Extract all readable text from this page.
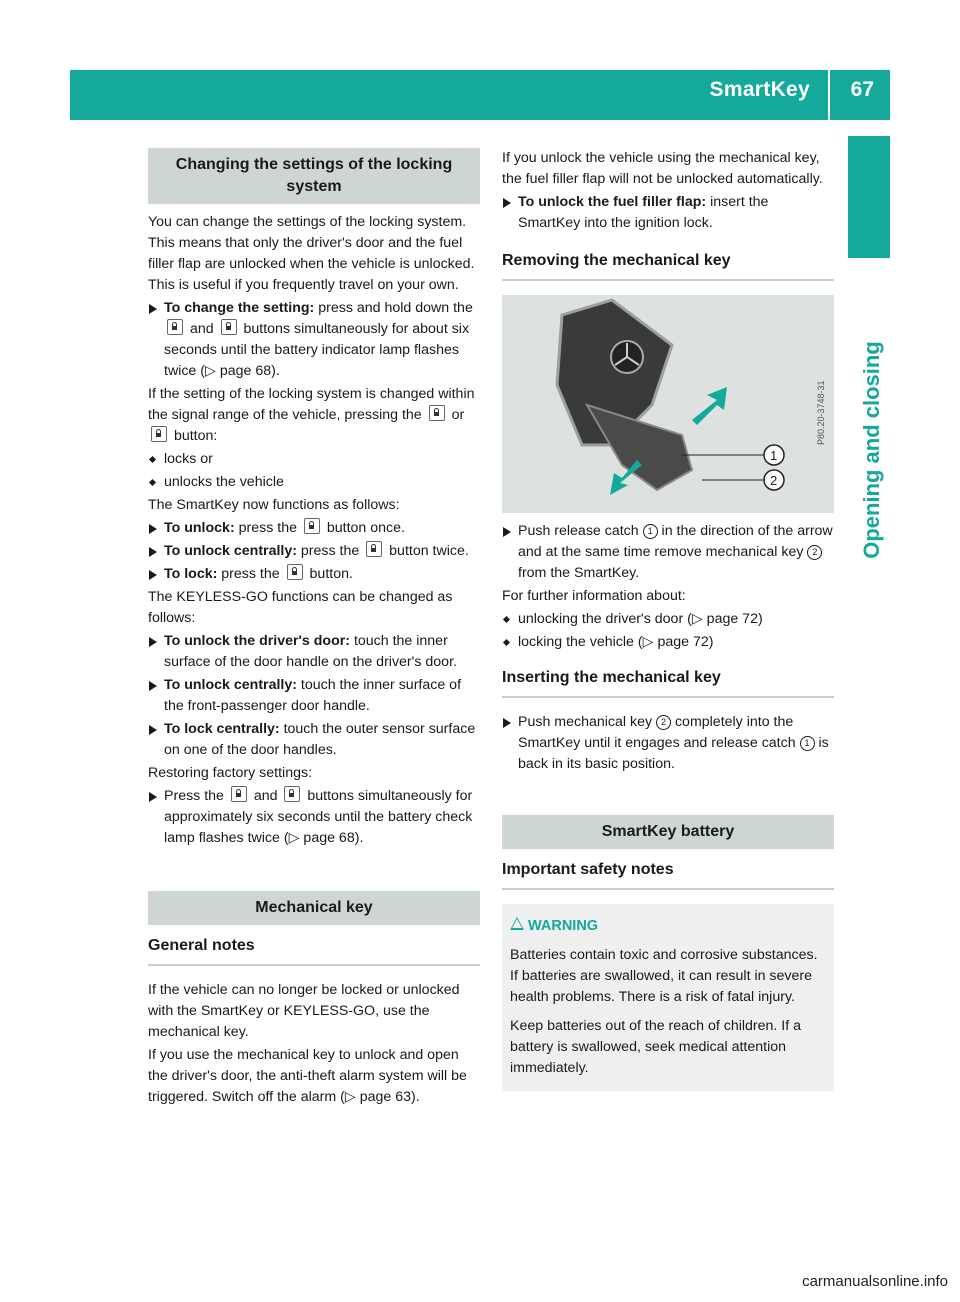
SmartKey 67
Opening and closing
Changing the settings of the locking system

You can change the settings of the locking system. This means that only the driver's door and the fuel filler flap are unlocked when the vehicle is unlocked. This is useful if you frequently travel on your own.

To change the setting: press and hold down the  and  buttons simultaneously for about six seconds until the battery indicator lamp flashes twice (▷ page 68).

If the setting of the locking system is changed within the signal range of the vehicle, pressing the  or  button:

locks or
unlocks the vehicle

The SmartKey now functions as follows:

To unlock: press the  button once.
To unlock centrally: press the  button twice.
To lock: press the  button.

The KEYLESS-GO functions can be changed as follows:

To unlock the driver's door: touch the inner surface of the door handle on the driver's door.
To unlock centrally: touch the inner surface of the front-passenger door handle.
To lock centrally: touch the outer sensor surface on one of the door handles.

Restoring factory settings:

Press the  and  buttons simultaneously for approximately six seconds until the battery check lamp flashes twice (▷ page 68).
Mechanical key
General notes

If the vehicle can no longer be locked or unlocked with the SmartKey or KEYLESS-GO, use the mechanical key.

If you use the mechanical key to unlock and open the driver's door, the anti-theft alarm system will be triggered. Switch off the alarm (▷ page 63).

If you unlock the vehicle using the mechanical key, the fuel filler flap will not be unlocked automatically.

To unlock the fuel filler flap: insert the SmartKey into the ignition lock.
Removing the mechanical key
1
2
P80.20-3748-31
Push release catch 1 in the direction of the arrow and at the same time remove mechanical key 2 from the SmartKey.

For further information about:

unlocking the driver's door (▷ page 72)
locking the vehicle (▷ page 72)
Inserting the mechanical key
Push mechanical key 2 completely into the SmartKey until it engages and release catch 1 is back in its basic position.
SmartKey battery
Important safety notes
WARNING

Batteries contain toxic and corrosive substances. If batteries are swallowed, it can result in severe health problems. There is a risk of fatal injury.

Keep batteries out of the reach of children. If a battery is swallowed, seek medical attention immediately.

carmanualsonline.info
